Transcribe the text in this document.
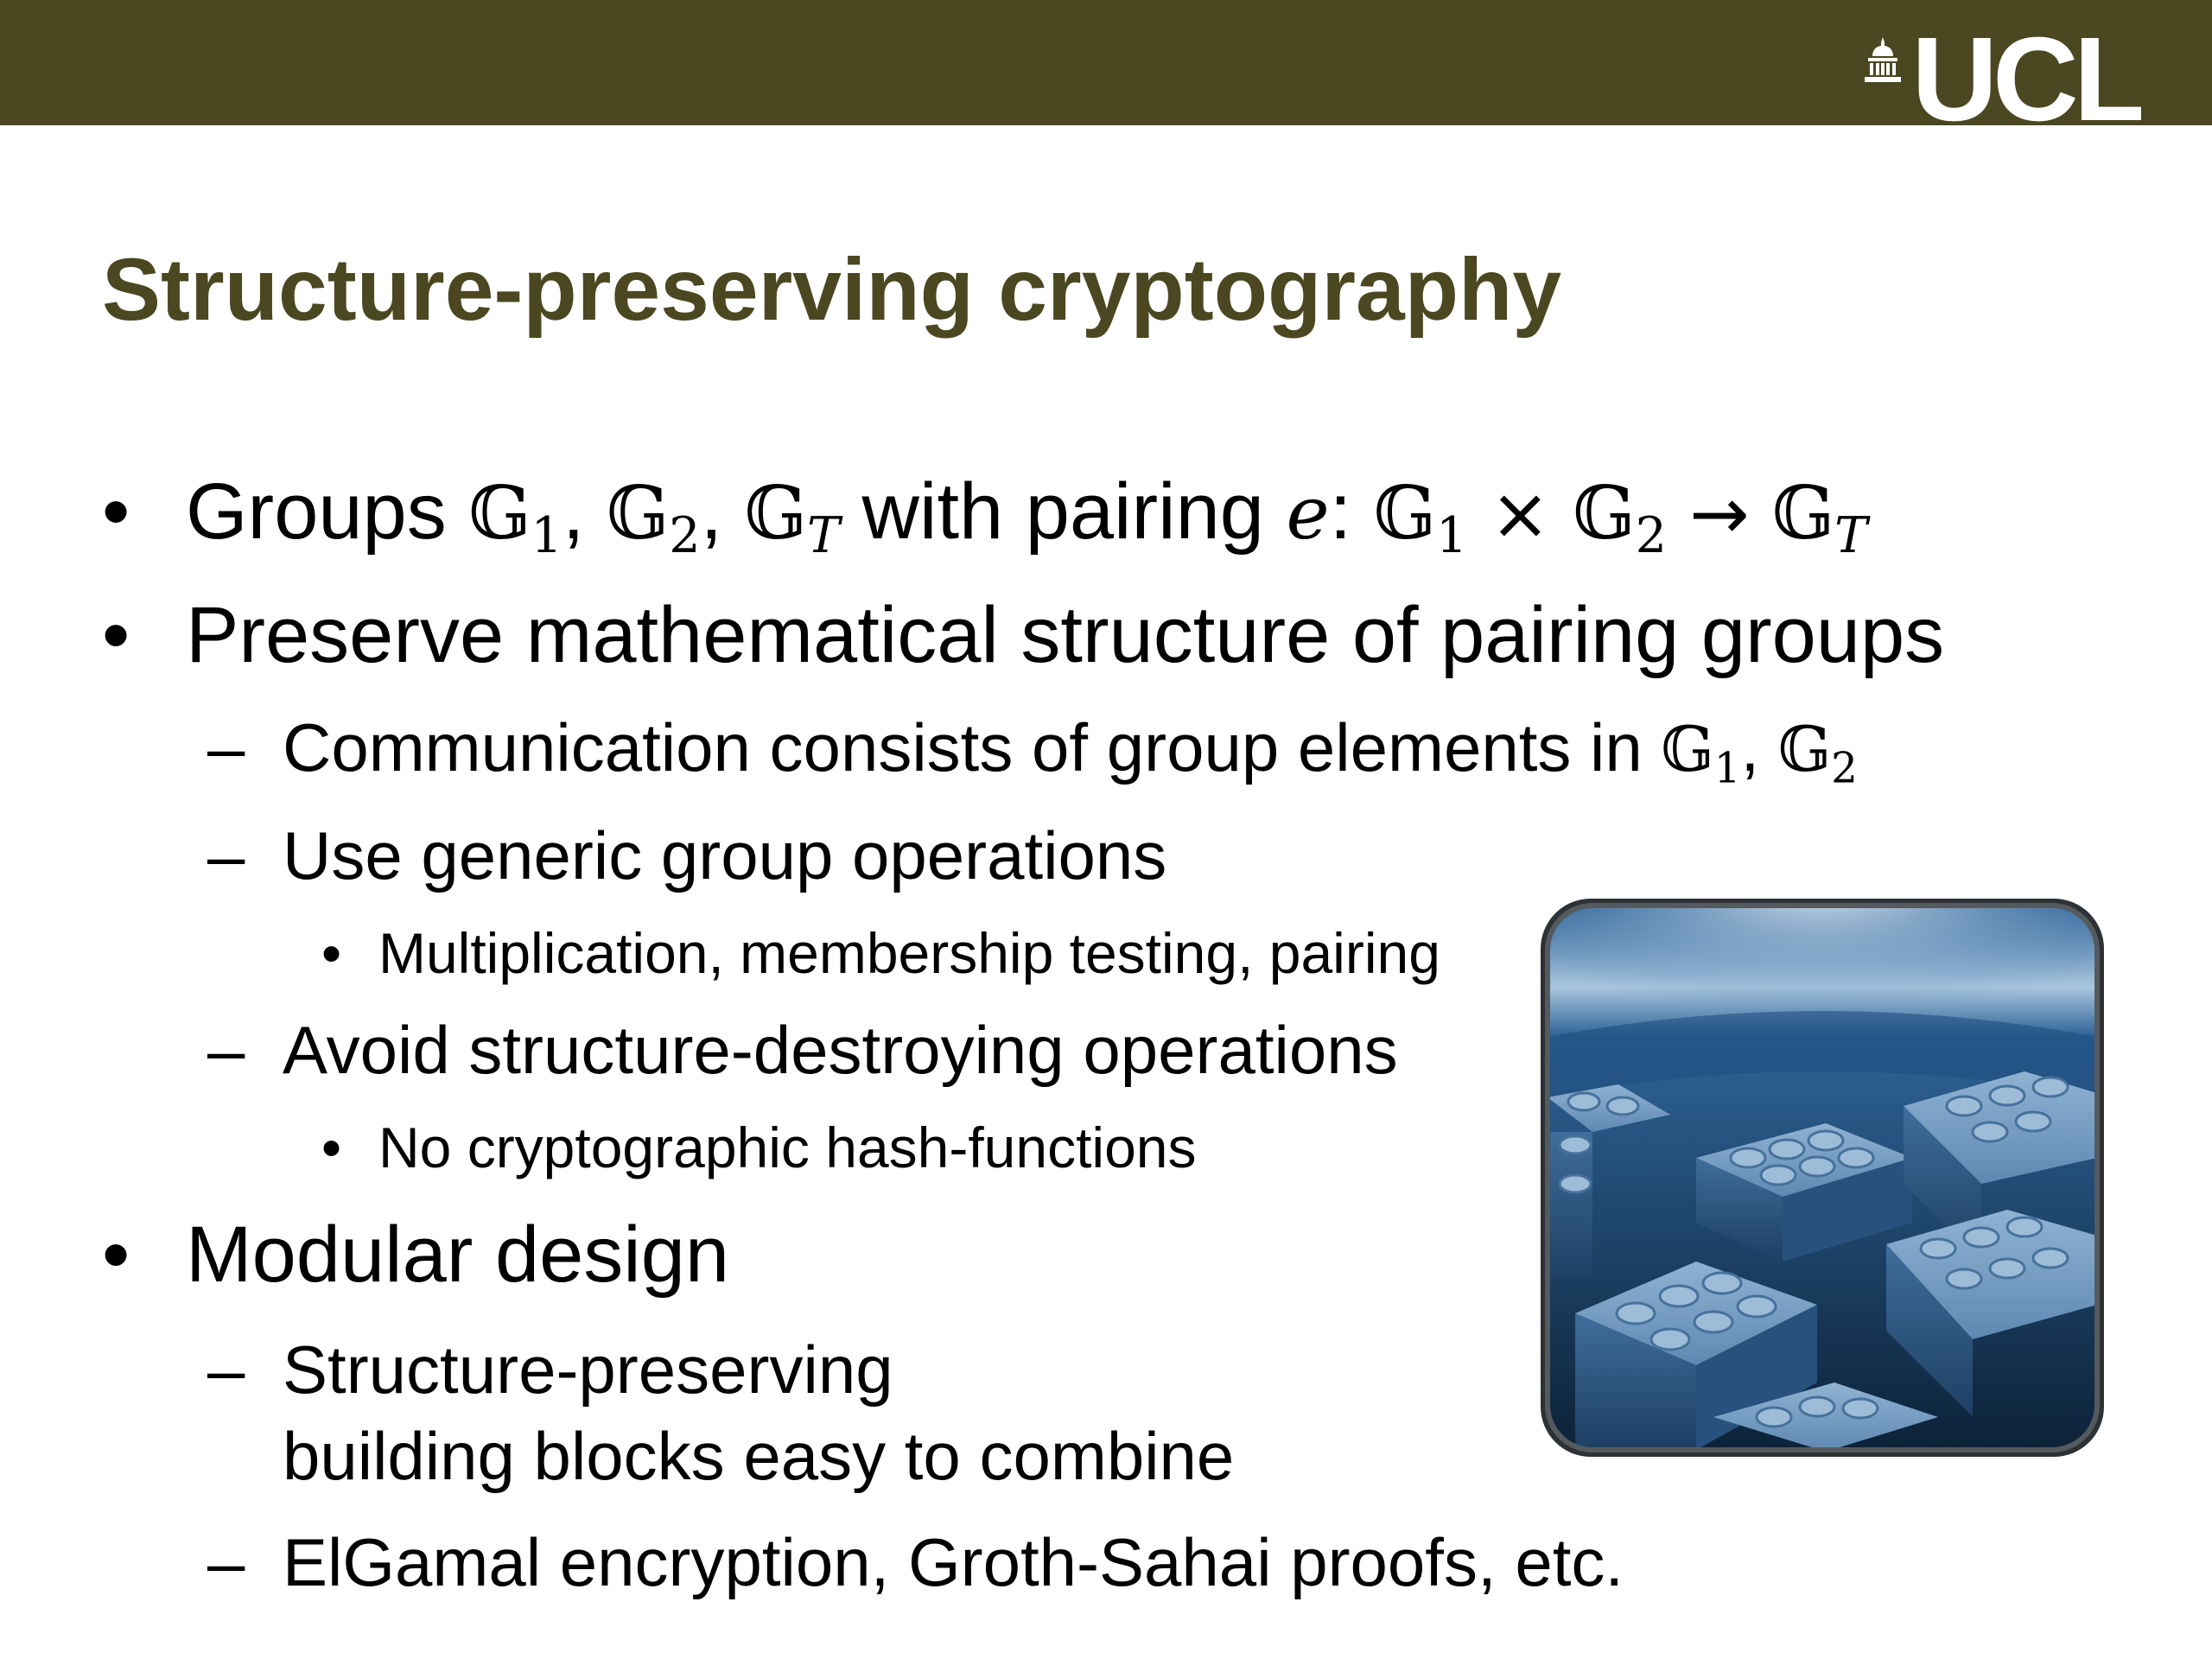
UCL
Structure-preserving cryptography
• Groups 𝔾$_1$, 𝔾$_2$, 𝔾T with pairing e: 𝔾$_1$ × 𝔾$_2$ → 𝔾T
• Preserve mathematical structure of pairing groups
– Communication consists of group elements in 𝔾$_1$, 𝔾$_2$
– Use generic group operations
• Multiplication, membership testing, pairing
– Avoid structure-destroying operations
• No cryptographic hash-functions
• Modular design
– Structure-preserving
building blocks easy to combine
– ElGamal encryption, Groth-Sahai proofs, etc.
